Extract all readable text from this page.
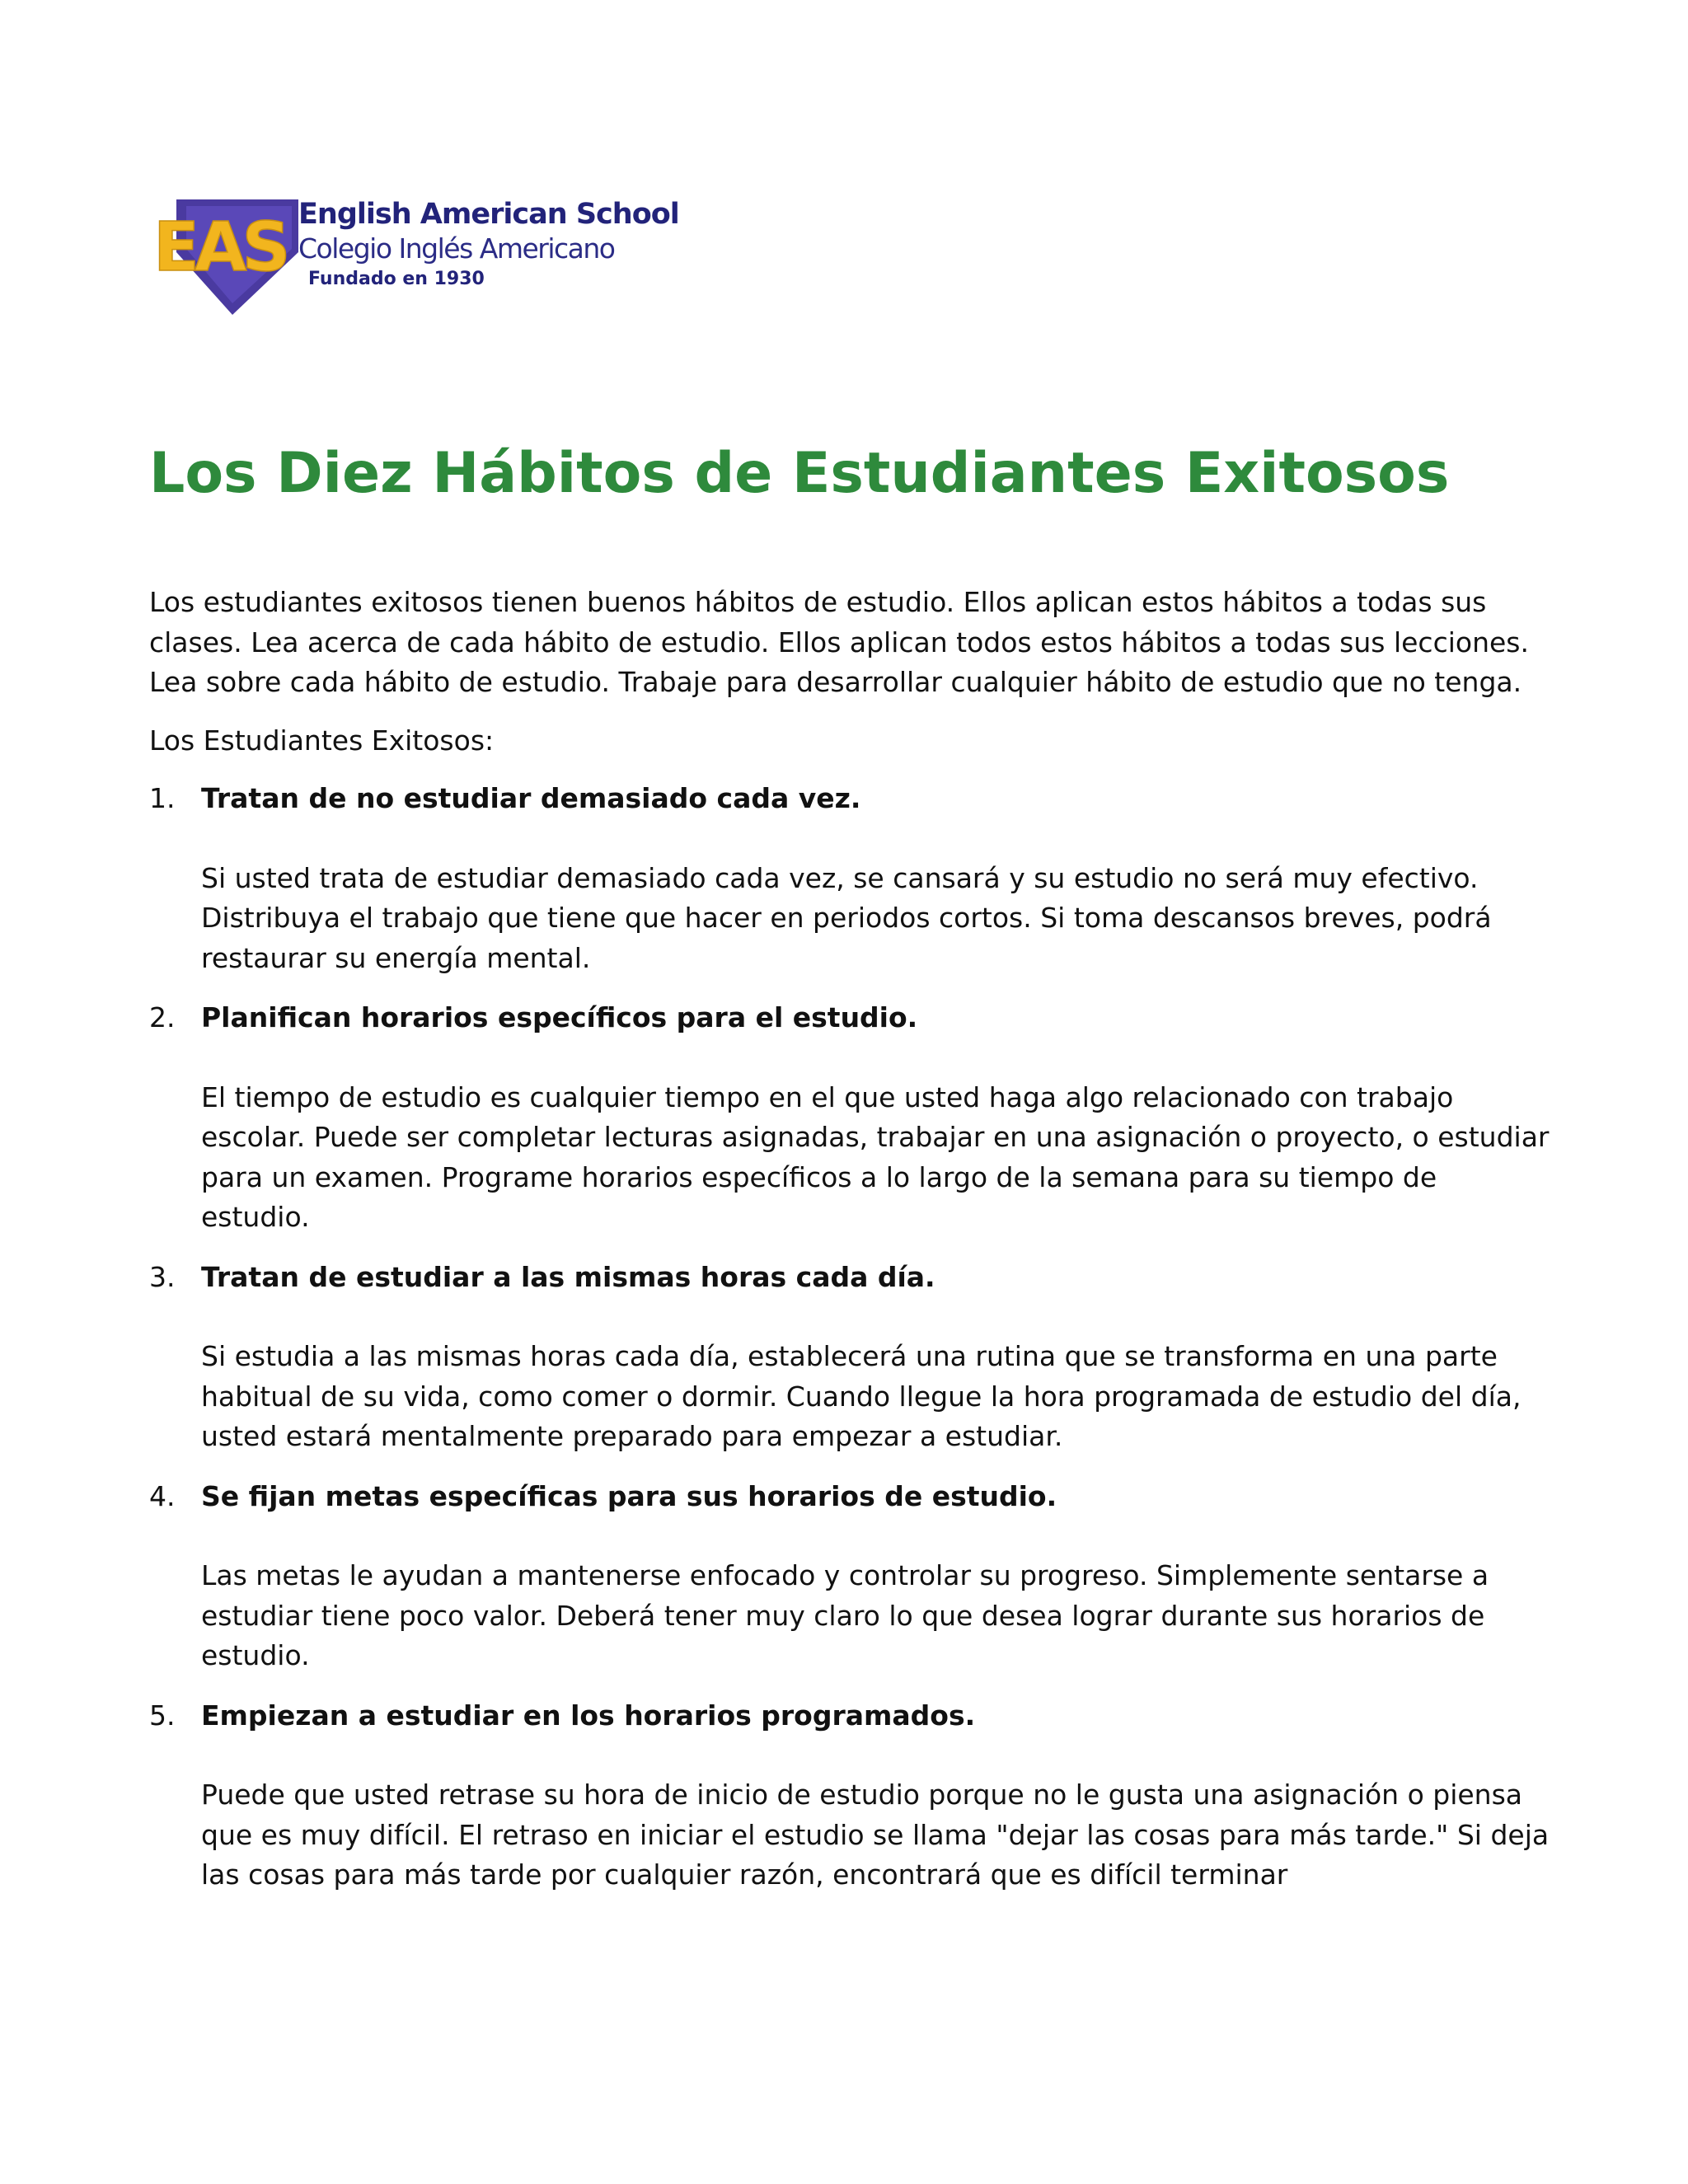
EAS English American School
Colegio Inglés Americano
Fundado en 1930
Los Diez Hábitos de Estudiantes Exitosos

Los estudiantes exitosos tienen buenos hábitos de estudio. Ellos aplican estos hábitos a todas sus clases. Lea acerca de cada hábito de estudio. Ellos aplican todos estos hábitos a todas sus lecciones. Lea sobre cada hábito de estudio. Trabaje para desarrollar cualquier hábito de estudio que no tenga.

Los Estudiantes Exitosos:

1. Tratan de no estudiar demasiado cada vez.
Si usted trata de estudiar demasiado cada vez, se cansará y su estudio no será muy efectivo. Distribuya el trabajo que tiene que hacer en periodos cortos. Si toma descansos breves, podrá restaurar su energía mental.
2. Planifican horarios específicos para el estudio.
El tiempo de estudio es cualquier tiempo en el que usted haga algo relacionado con trabajo escolar. Puede ser completar lecturas asignadas, trabajar en una asignación o proyecto, o estudiar para un examen. Programe horarios específicos a lo largo de la semana para su tiempo de estudio.
3. Tratan de estudiar a las mismas horas cada día.
Si estudia a las mismas horas cada día, establecerá una rutina que se transforma en una parte habitual de su vida, como comer o dormir. Cuando llegue la hora programada de estudio del día, usted estará mentalmente preparado para empezar a estudiar.
4. Se fijan metas específicas para sus horarios de estudio.
Las metas le ayudan a mantenerse enfocado y controlar su progreso. Simplemente sentarse a estudiar tiene poco valor. Deberá tener muy claro lo que desea lograr durante sus horarios de estudio.
5. Empiezan a estudiar en los horarios programados.
Puede que usted retrase su hora de inicio de estudio porque no le gusta una asignación o piensa que es muy difícil. El retraso en iniciar el estudio se llama "dejar las cosas para más tarde." Si deja las cosas para más tarde por cualquier razón, encontrará que es difícil terminar
